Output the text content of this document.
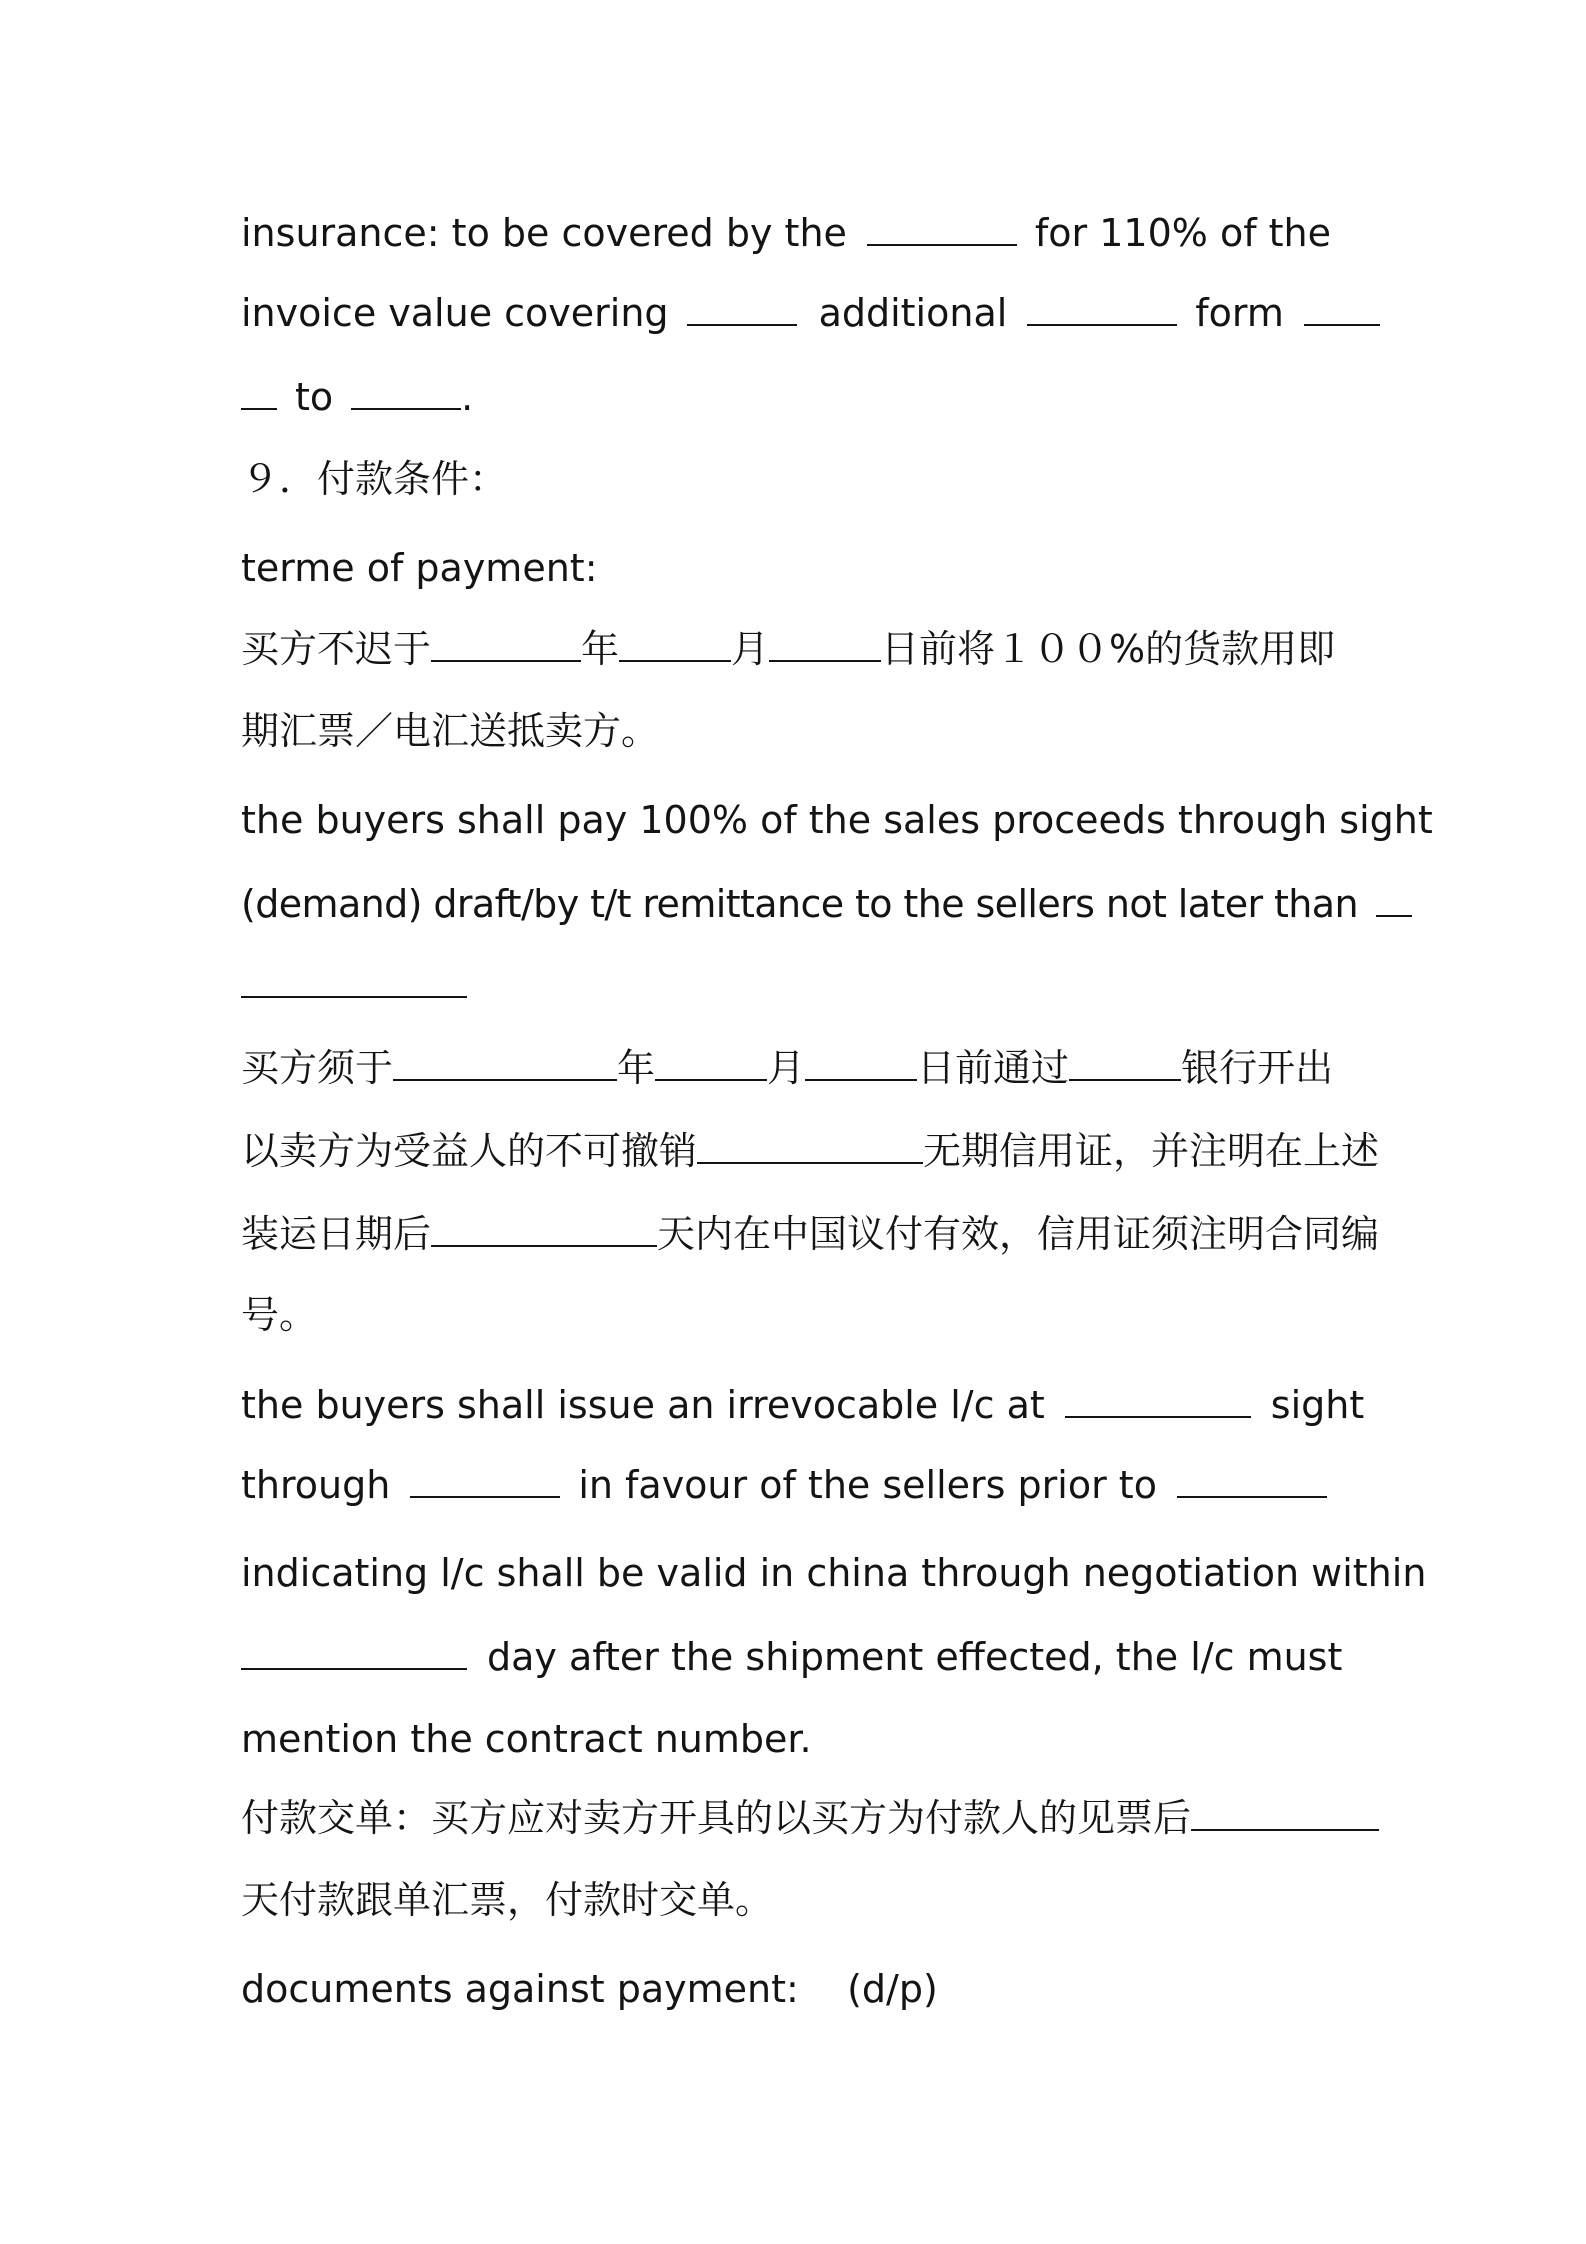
insurance: to be covered by the	for 110% of the
invoice value covering	additional	form
to	.
９．付款条件：
terme of payment:
买方不迟于	年	月	日前将１００%的货款用即
期汇票／电汇送抵卖方。
the buyers shall pay 100% of the sales proceeds through sight
(demand) draft/by t/t remittance to the sellers not later than
买方须于	年	月	日前通过	银行开出
以卖方为受益人的不可撤销	无期信用证，并注明在上述
装运日期后	天内在中国议付有效，信用证须注明合同编
号。
the buyers shall issue an irrevocable l/c at	sight
through	in favour of the sellers prior to
indicating l/c shall be valid in china through negotiation within
day after the shipment effected, the l/c must
mention the contract number.
付款交单：买方应对卖方开具的以买方为付款人的见票后
天付款跟单汇票，付款时交单。
documents against payment:    (d/p)
